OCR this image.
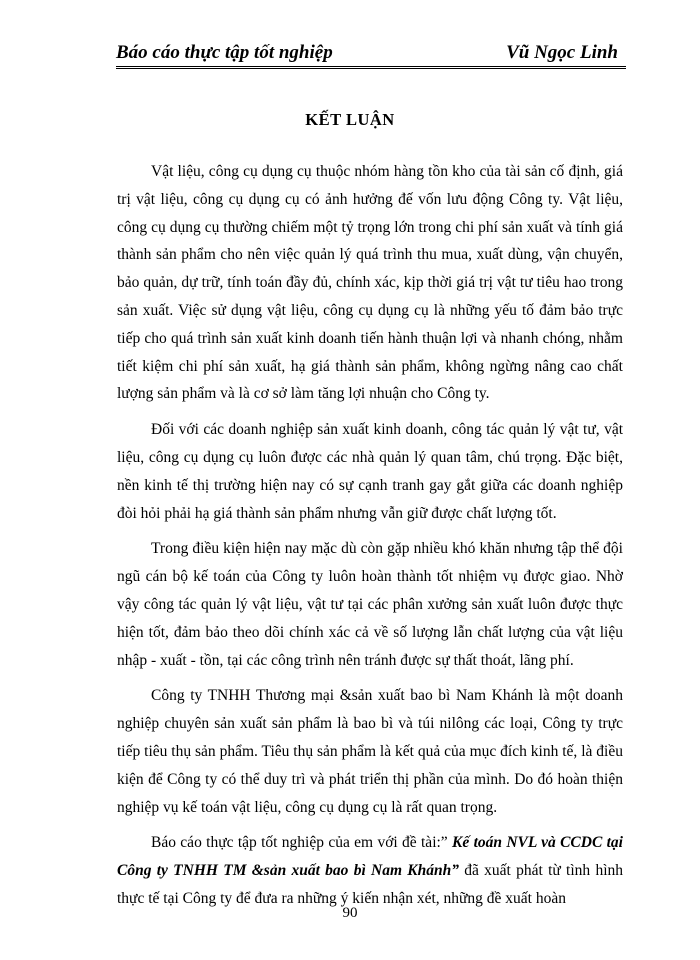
Báo cáo thực tập tốt nghiệp	Vũ Ngọc Linh
KẾT LUẬN

Vật liệu, công cụ dụng cụ thuộc nhóm hàng tồn kho của tài sản cố định, giá trị vật liệu, công cụ dụng cụ có ảnh hưởng đế vốn lưu động Công ty. Vật liệu, công cụ dụng cụ thường chiếm một tỷ trọng lớn trong chi phí sản xuất và tính giá thành sản phẩm cho nên việc quản lý quá trình thu mua, xuất dùng, vận chuyển, bảo quản, dự trữ, tính toán đầy đủ, chính xác, kịp thời giá trị vật tư tiêu hao trong sản xuất. Việc sử dụng vật liệu, công cụ dụng cụ là những yếu tố đảm bảo trực tiếp cho quá trình sản xuất kinh doanh tiến hành thuận lợi và nhanh chóng, nhằm tiết kiệm chi phí sản xuất, hạ giá thành sản phẩm, không ngừng nâng cao chất lượng sản phẩm và là cơ sở làm tăng lợi nhuận cho Công ty.

Đối với các doanh nghiệp sản xuất kinh doanh, công tác quản lý vật tư, vật liệu, công cụ dụng cụ luôn được các nhà quản lý quan tâm, chú trọng. Đặc biệt, nền kinh tế thị trường hiện nay có sự cạnh tranh gay gắt giữa các doanh nghiệp đòi hỏi phải hạ giá thành sản phẩm nhưng vẫn giữ được chất lượng tốt.

Trong điều kiện hiện nay mặc dù còn gặp nhiều khó khăn nhưng tập thể đội ngũ cán bộ kế toán của Công ty luôn hoàn thành tốt nhiệm vụ được giao. Nhờ vậy công tác quản lý vật liệu, vật tư tại các phân xưởng sản xuất luôn được thực hiện tốt, đảm bảo theo dõi chính xác cả về số lượng lẫn chất lượng của vật liệu nhập - xuất - tồn, tại các công trình nên tránh được sự thất thoát, lãng phí.

Công ty TNHH Thương mại &sản xuất bao bì Nam Khánh là một doanh nghiệp chuyên sản xuất sản phẩm là bao bì và túi nilông các loại, Công ty trực tiếp tiêu thụ sản phẩm. Tiêu thụ sản phẩm là kết quả của mục đích kinh tế, là điều kiện để Công ty có thể duy trì và phát triển thị phần của mình. Do đó hoàn thiện nghiệp vụ kế toán vật liệu, công cụ dụng cụ là rất quan trọng.

Báo cáo thực tập tốt nghiệp của em với đề tài:” Kế toán NVL và CCDC tại Công ty TNHH TM &sản xuất bao bì Nam Khánh” đã xuất phát từ tình hình thực tế tại Công ty để đưa ra những ý kiến nhận xét, những đề xuất hoàn

90
